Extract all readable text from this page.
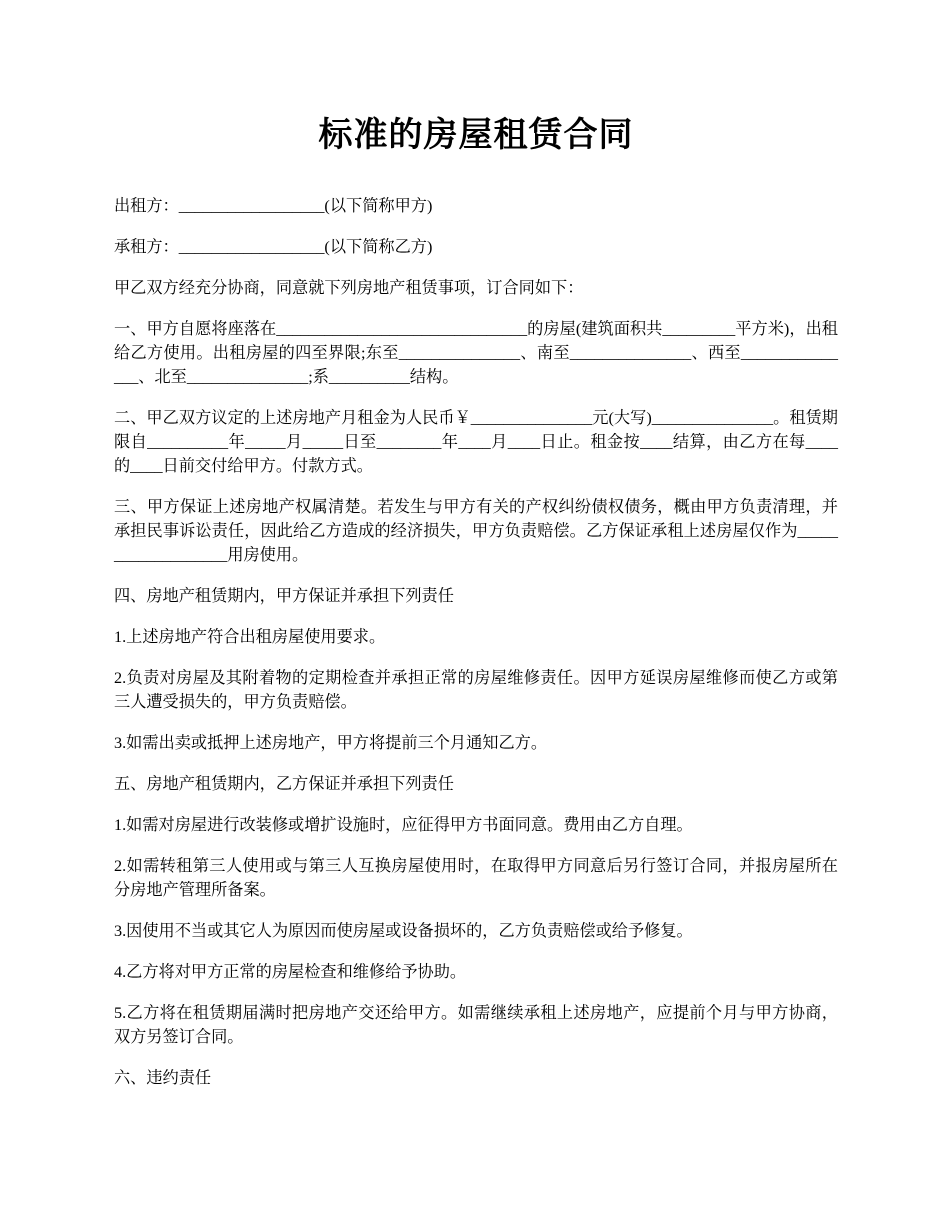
标准的房屋租赁合同

出租方：__________________(以下简称甲方)

承租方：__________________(以下简称乙方)

甲乙双方经充分协商，同意就下列房地产租赁事项，订合同如下：

一、甲方自愿将座落在_______________________________的房屋(建筑面积共_________平方米)，出租给乙方使用。出租房屋的四至界限;东至_______________、南至_______________、西至_______________、北至_______________;系__________结构。

二、甲乙双方议定的上述房地产月租金为人民币￥_______________元(大写)_______________。租赁期限自__________年_____月_____日至________年____月____日止。租金按____结算，由乙方在每____的____日前交付给甲方。付款方式。

三、甲方保证上述房地产权属清楚。若发生与甲方有关的产权纠纷债权债务，概由甲方负责清理，并承担民事诉讼责任，因此给乙方造成的经济损失，甲方负责赔偿。乙方保证承租上述房屋仅作为___________________用房使用。

四、房地产租赁期内，甲方保证并承担下列责任

1.上述房地产符合出租房屋使用要求。

2.负责对房屋及其附着物的定期检查并承担正常的房屋维修责任。因甲方延误房屋维修而使乙方或第三人遭受损失的，甲方负责赔偿。

3.如需出卖或抵押上述房地产，甲方将提前三个月通知乙方。

五、房地产租赁期内，乙方保证并承担下列责任

1.如需对房屋进行改装修或增扩设施时，应征得甲方书面同意。费用由乙方自理。

2.如需转租第三人使用或与第三人互换房屋使用时，在取得甲方同意后另行签订合同，并报房屋所在分房地产管理所备案。

3.因使用不当或其它人为原因而使房屋或设备损坏的，乙方负责赔偿或给予修复。

4.乙方将对甲方正常的房屋检查和维修给予协助。

5.乙方将在租赁期届满时把房地产交还给甲方。如需继续承租上述房地产，应提前个月与甲方协商，双方另签订合同。

六、违约责任
